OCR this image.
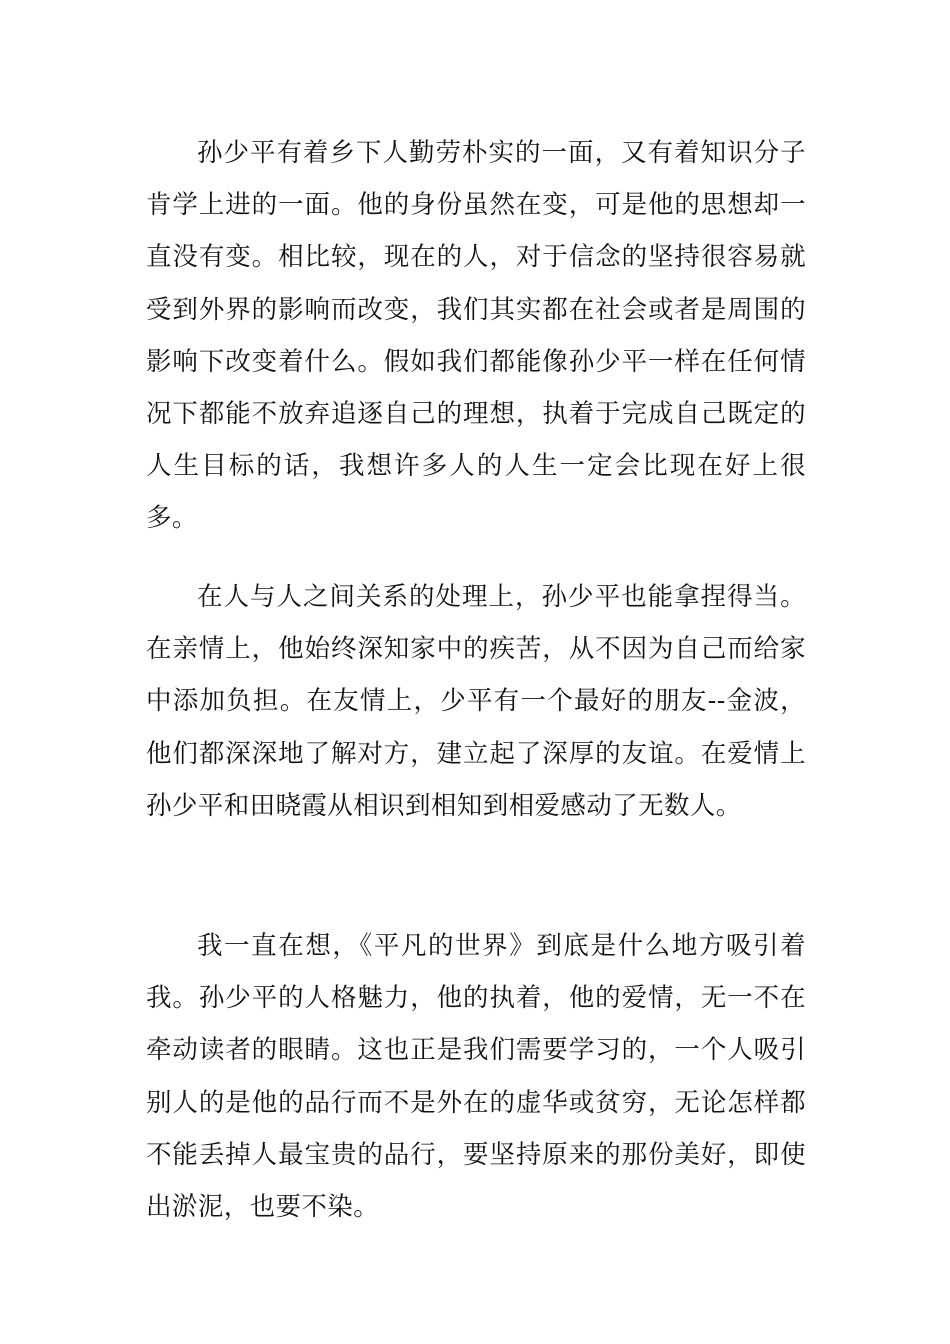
孙少平有着乡下人勤劳朴实的一面，又有着知识分子肯学上进的一面。他的身份虽然在变，可是他的思想却一直没有变。相比较，现在的人，对于信念的坚持很容易就受到外界的影响而改变，我们其实都在社会或者是周围的影响下改变着什么。假如我们都能像孙少平一样在任何情况下都能不放弃追逐自己的理想，执着于完成自己既定的人生目标的话，我想许多人的人生一定会比现在好上很多。

在人与人之间关系的处理上，孙少平也能拿捏得当。在亲情上，他始终深知家中的疾苦，从不因为自己而给家中添加负担。在友情上，少平有一个最好的朋友--金波，他们都深深地了解对方，建立起了深厚的友谊。在爱情上孙少平和田晓霞从相识到相知到相爱感动了无数人。

我一直在想，《平凡的世界》到底是什么地方吸引着我。孙少平的人格魅力，他的执着，他的爱情，无一不在牵动读者的眼睛。这也正是我们需要学习的，一个人吸引别人的是他的品行而不是外在的虚华或贫穷，无论怎样都不能丢掉人最宝贵的品行，要坚持原来的那份美好，即使出淤泥，也要不染。
